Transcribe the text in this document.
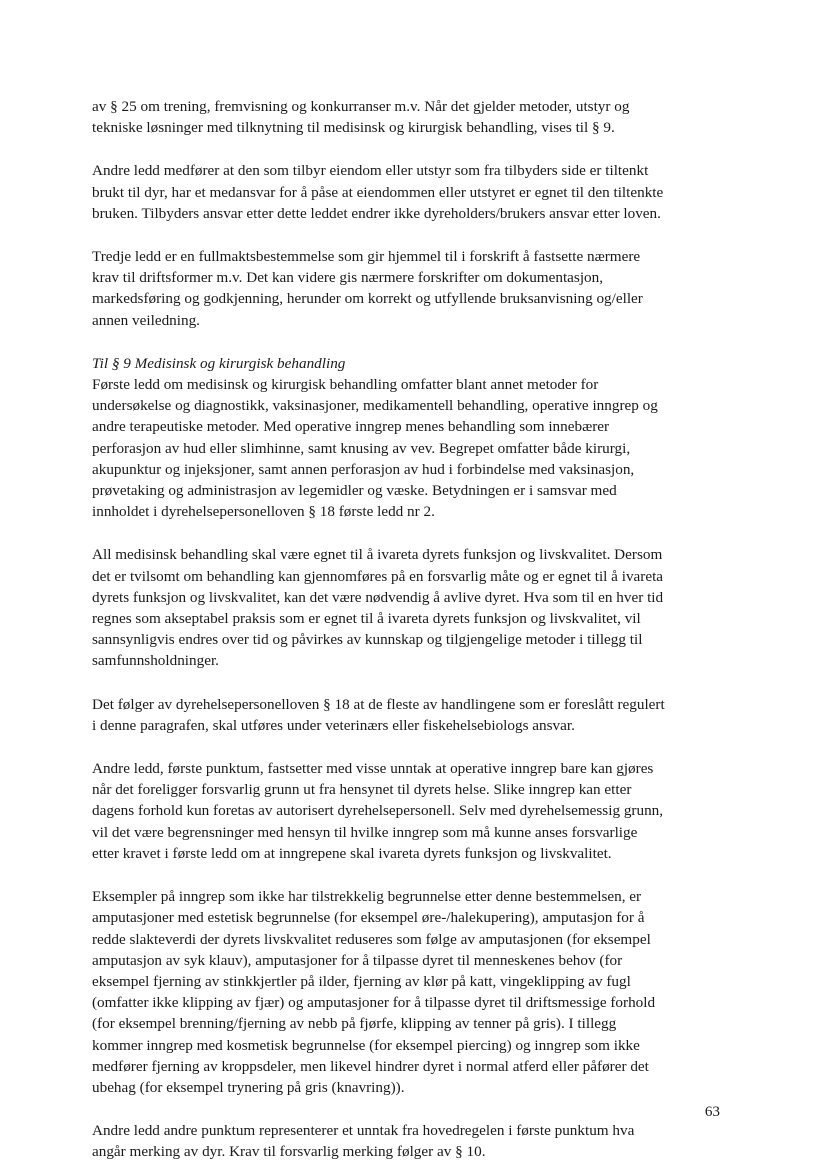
av § 25 om trening, fremvisning og konkurranser m.v. Når det gjelder metoder, utstyr og
tekniske løsninger med tilknytning til medisinsk og kirurgisk behandling, vises til § 9.

Andre ledd medfører at den som tilbyr eiendom eller utstyr som fra tilbyders side er tiltenkt
brukt til dyr, har et medansvar for å påse at eiendommen eller utstyret er egnet til den tiltenkte
bruken. Tilbyders ansvar etter dette leddet endrer ikke dyreholders/brukers ansvar etter loven.

Tredje ledd er en fullmaktsbestemmelse som gir hjemmel til i forskrift å fastsette nærmere
krav til driftsformer m.v. Det kan videre gis nærmere forskrifter om dokumentasjon,
markedsføring og godkjenning, herunder om korrekt og utfyllende bruksanvisning og/eller
annen veiledning.

Til § 9 Medisinsk og kirurgisk behandling
Første ledd om medisinsk og kirurgisk behandling omfatter blant annet metoder for
undersøkelse og diagnostikk, vaksinasjoner, medikamentell behandling, operative inngrep og
andre terapeutiske metoder. Med operative inngrep menes behandling som innebærer
perforasjon av hud eller slimhinne, samt knusing av vev. Begrepet omfatter både kirurgi,
akupunktur og injeksjoner, samt annen perforasjon av hud i forbindelse med vaksinasjon,
prøvetaking og administrasjon av legemidler og væske. Betydningen er i samsvar med
innholdet i dyrehelsepersonelloven § 18 første ledd nr 2.

All medisinsk behandling skal være egnet til å ivareta dyrets funksjon og livskvalitet. Dersom
det er tvilsomt om behandling kan gjennomføres på en forsvarlig måte og er egnet til å ivareta
dyrets funksjon og livskvalitet, kan det være nødvendig å avlive dyret. Hva som til en hver tid
regnes som akseptabel praksis som er egnet til å ivareta dyrets funksjon og livskvalitet, vil
sannsynligvis endres over tid og påvirkes av kunnskap og tilgjengelige metoder i tillegg til
samfunnsholdninger.

Det følger av dyrehelsepersonelloven § 18 at de fleste av handlingene som er foreslått regulert
i denne paragrafen, skal utføres under veterinærs eller fiskehelsebiologs ansvar.

Andre ledd, første punktum, fastsetter med visse unntak at operative inngrep bare kan gjøres
når det foreligger forsvarlig grunn ut fra hensynet til dyrets helse. Slike inngrep kan etter
dagens forhold kun foretas av autorisert dyrehelsepersonell. Selv med dyrehelsemessig grunn,
vil det være begrensninger med hensyn til hvilke inngrep som må kunne anses forsvarlige
etter kravet i første ledd om at inngrepene skal ivareta dyrets funksjon og livskvalitet.

Eksempler på inngrep som ikke har tilstrekkelig begrunnelse etter denne bestemmelsen, er
amputasjoner med estetisk begrunnelse (for eksempel øre-/halekupering), amputasjon for å
redde slakteverdi der dyrets livskvalitet reduseres som følge av amputasjonen (for eksempel
amputasjon av syk klauv), amputasjoner for å tilpasse dyret til menneskenes behov (for
eksempel fjerning av stinkkjertler på ilder, fjerning av klør på katt, vingeklipping av fugl
(omfatter ikke klipping av fjær) og amputasjoner for å tilpasse dyret til driftsmessige forhold
(for eksempel brenning/fjerning av nebb på fjørfe, klipping av tenner på gris). I tillegg
kommer inngrep med kosmetisk begrunnelse (for eksempel piercing) og inngrep som ikke
medfører fjerning av kroppsdeler, men likevel hindrer dyret i normal atferd eller påfører det
ubehag (for eksempel trynering på gris (knavring)).

Andre ledd andre punktum representerer et unntak fra hovedregelen i første punktum hva
angår merking av dyr. Krav til forsvarlig merking følger av § 10.

63
